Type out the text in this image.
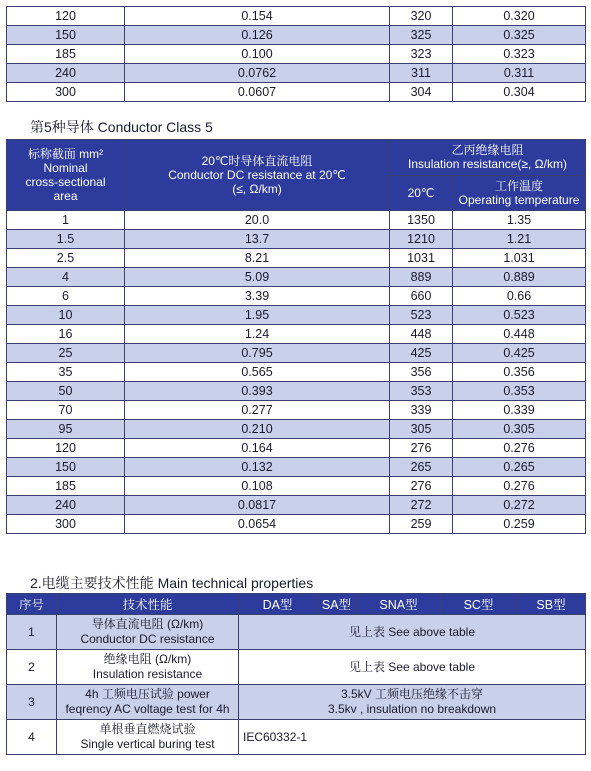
120	0.154	320	0.320
150	0.126	325	0.325
185	0.100	323	0.323
240	0.0762	311	0.311
300	0.0607	304	0.304
第5种导体 Conductor Class 5
标称截面 mm²
Nominal
cross-sectional
area	20℃时导体直流电阻
Conductor DC resistance at 20℃
(≤, Ω/km)	乙丙绝缘电阻
Insulation resistance(≥, Ω/km)	

		20℃	工作温度
Operating temperature
1	20.0	1350	1.35
1.5	13.7	1210	1.21
2.5	8.21	1031	1.031
4	5.09	889	0.889
6	3.39	660	0.66
10	1.95	523	0.523
16	1.24	448	0.448
25	0.795	425	0.425
35	0.565	356	0.356
50	0.393	353	0.353
70	0.277	339	0.339
95	0.210	305	0.305
120	0.164	276	0.276
150	0.132	265	0.265
185	0.108	276	0.276
240	0.0817	272	0.272
300	0.0654	259	0.259
2.电缆主要技术性能 Main technical properties
序号	技术性能	DA型	SA型	SNA型	SC型	SB型
1	导体直流电阻 (Ω/km)
Conductor DC resistance	见上表 See above table				

2	绝缘电阻 (Ω/km)
Insulation resistance	见上表 See above table				

3	4h 工频电压试验 power
feqrency AC voltage test for 4h	3.5kV 工频电压绝缘不击穿
3.5kv , insulation no breakdown				

4	单根垂直燃烧试验
Single vertical buring test	IEC60332-1				
